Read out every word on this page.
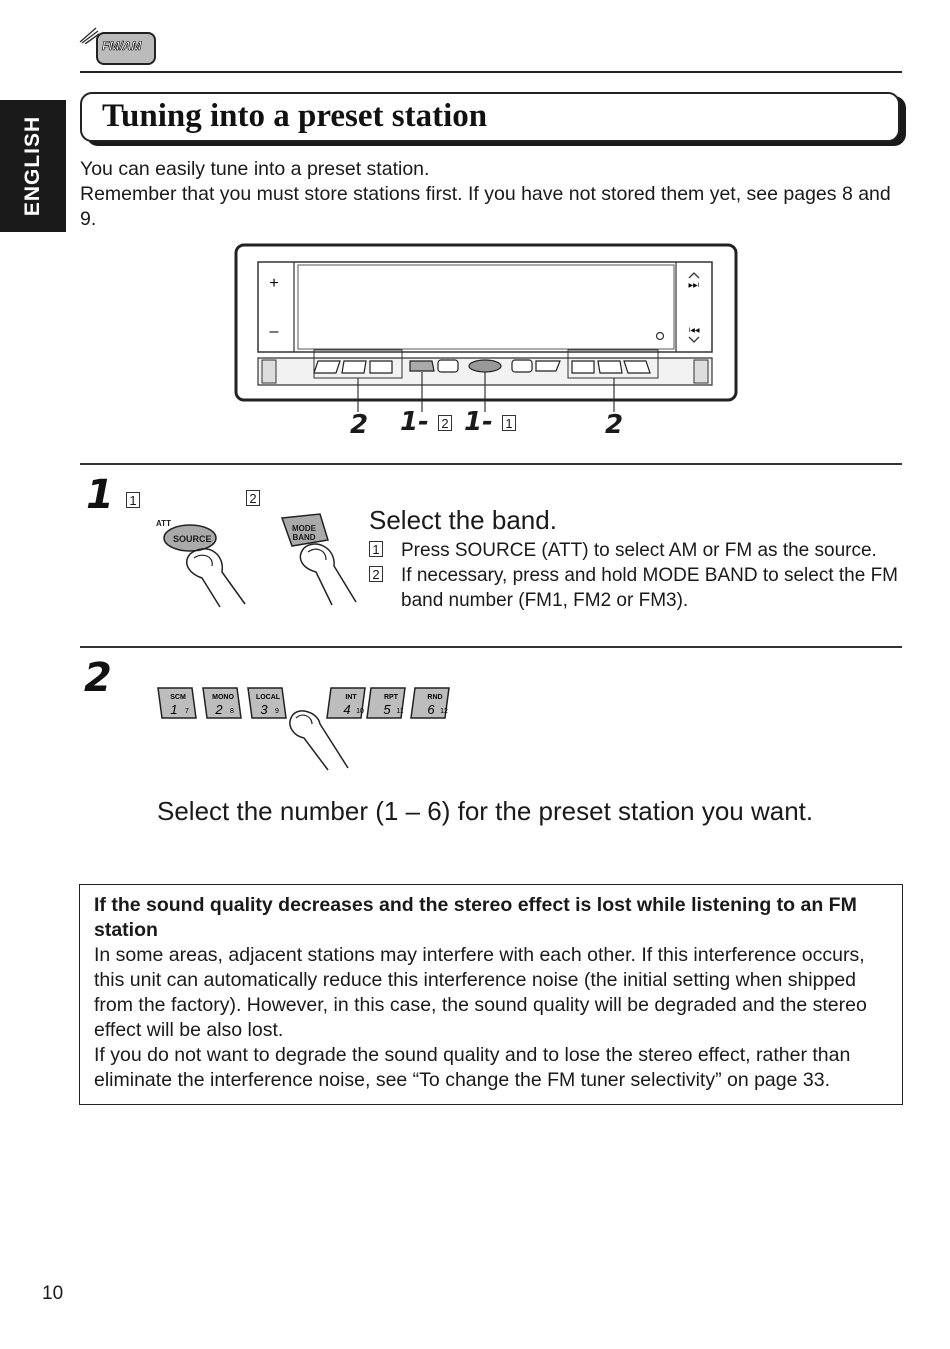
FM/AM
ENGLISH Tuning into a preset station
You can easily tune into a preset station.
Remember that you must store stations first. If you have not stored them yet, see pages 8 and 9.
+
–
▶▶I
I◀◀
2 1- 2 1- 1	2
1 1	2
ATT
SOURCE
MODE
BAND
Select the band.
1 Press SOURCE (ATT) to select AM or FM as the source.
2 If necessary, press and hold MODE BAND to select the FM band number (FM1, FM2 or FM3).
2	SCM
1 7
MONO
2 8
LOCAL
3 9
INT
4 10
RPT
5 11
RND
6 12
Select the number (1 – 6) for the preset station you want.
If the sound quality decreases and the stereo effect is lost while listening to an FM station
In some areas, adjacent stations may interfere with each other. If this interference occurs, this unit can automatically reduce this interference noise (the initial setting when shipped from the factory). However, in this case, the sound quality will be degraded and the stereo effect will be also lost.
If you do not want to degrade the sound quality and to lose the stereo effect, rather than eliminate the interference noise, see “To change the FM tuner selectivity” on page 33.
10
